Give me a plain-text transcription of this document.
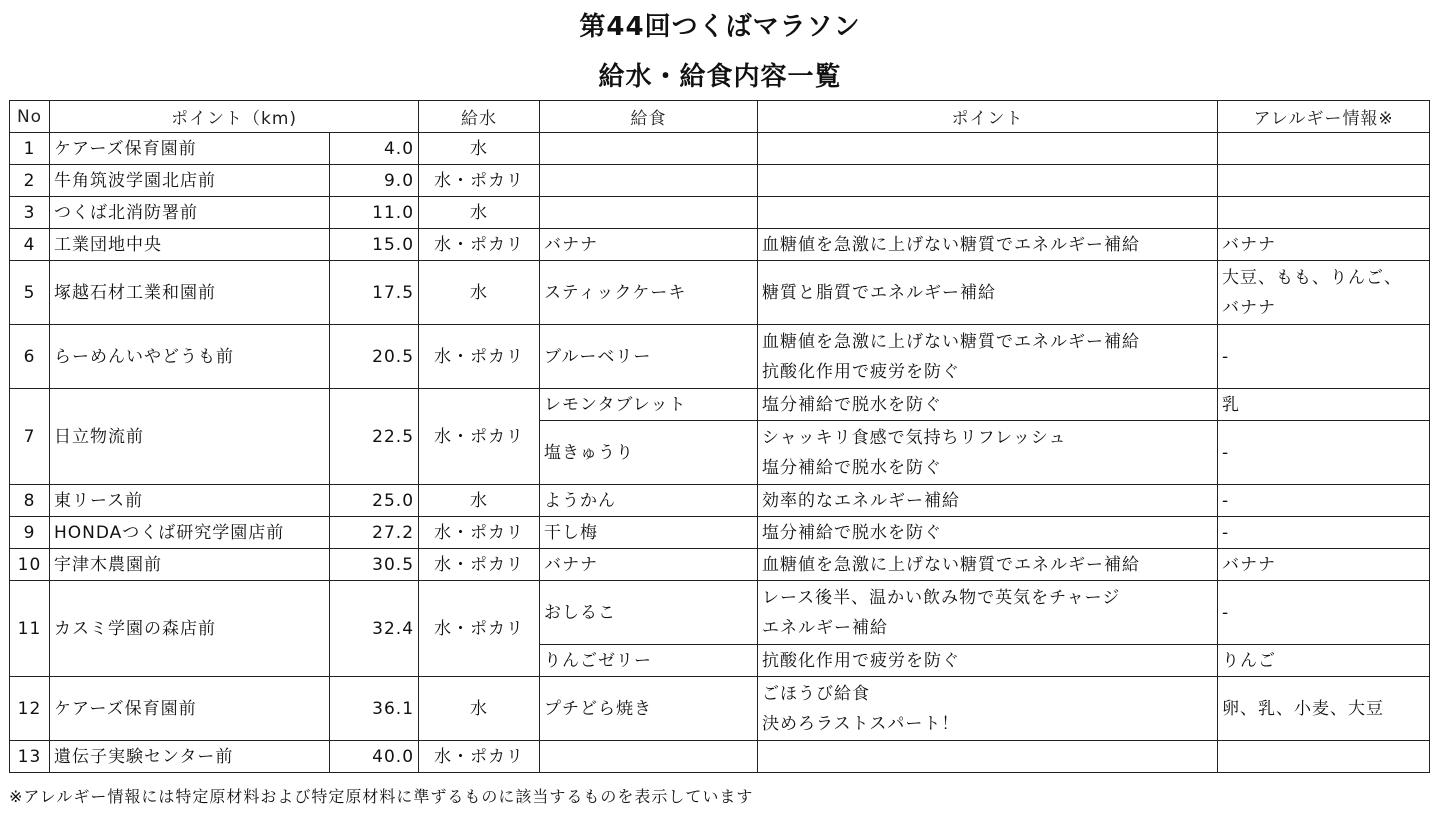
第44回つくばマラソン
給水・給食内容一覧
No	ポイント（km)		給水	給食	ポイント	アレルギー情報※
1	ケアーズ保育園前	4.0	水			
2	牛角筑波学園北店前	9.0	水・ポカリ			
3	つくば北消防署前	11.0	水			
4	工業団地中央	15.0	水・ポカリ	バナナ	血糖値を急激に上げない糖質でエネルギー補給	バナナ
5	塚越石材工業和園前	17.5	水	スティックケーキ	糖質と脂質でエネルギー補給	大豆、もも、りんご、
バナナ

6	らーめんいやどうも前	20.5	水・ポカリ	ブルーベリー	血糖値を急激に上げない糖質でエネルギー補給
抗酸化作用で疲労を防ぐ	-
7	日立物流前	22.5	水・ポカリ	レモンタブレット	塩分補給で脱水を防ぐ	乳
				塩きゅうり	シャッキリ食感で気持ちリフレッシュ
塩分補給で脱水を防ぐ	-
8	東リース前	25.0	水	ようかん	効率的なエネルギー補給	-
9	HONDAつくば研究学園店前	27.2	水・ポカリ	干し梅	塩分補給で脱水を防ぐ	-
10	宇津木農園前	30.5	水・ポカリ	バナナ	血糖値を急激に上げない糖質でエネルギー補給	バナナ
11	カスミ学園の森店前	32.4	水・ポカリ	おしるこ	レース後半、温かい飲み物で英気をチャージ
エネルギー補給	-
				りんごゼリー	抗酸化作用で疲労を防ぐ	りんご
12	ケアーズ保育園前	36.1	水	プチどら焼き	ごほうび給食
決めろラストスパート！	卵、乳、小麦、大豆
13	遺伝子実験センター前	40.0	水・ポカリ			
※アレルギー情報には特定原材料および特定原材料に準ずるものに該当するものを表示しています
